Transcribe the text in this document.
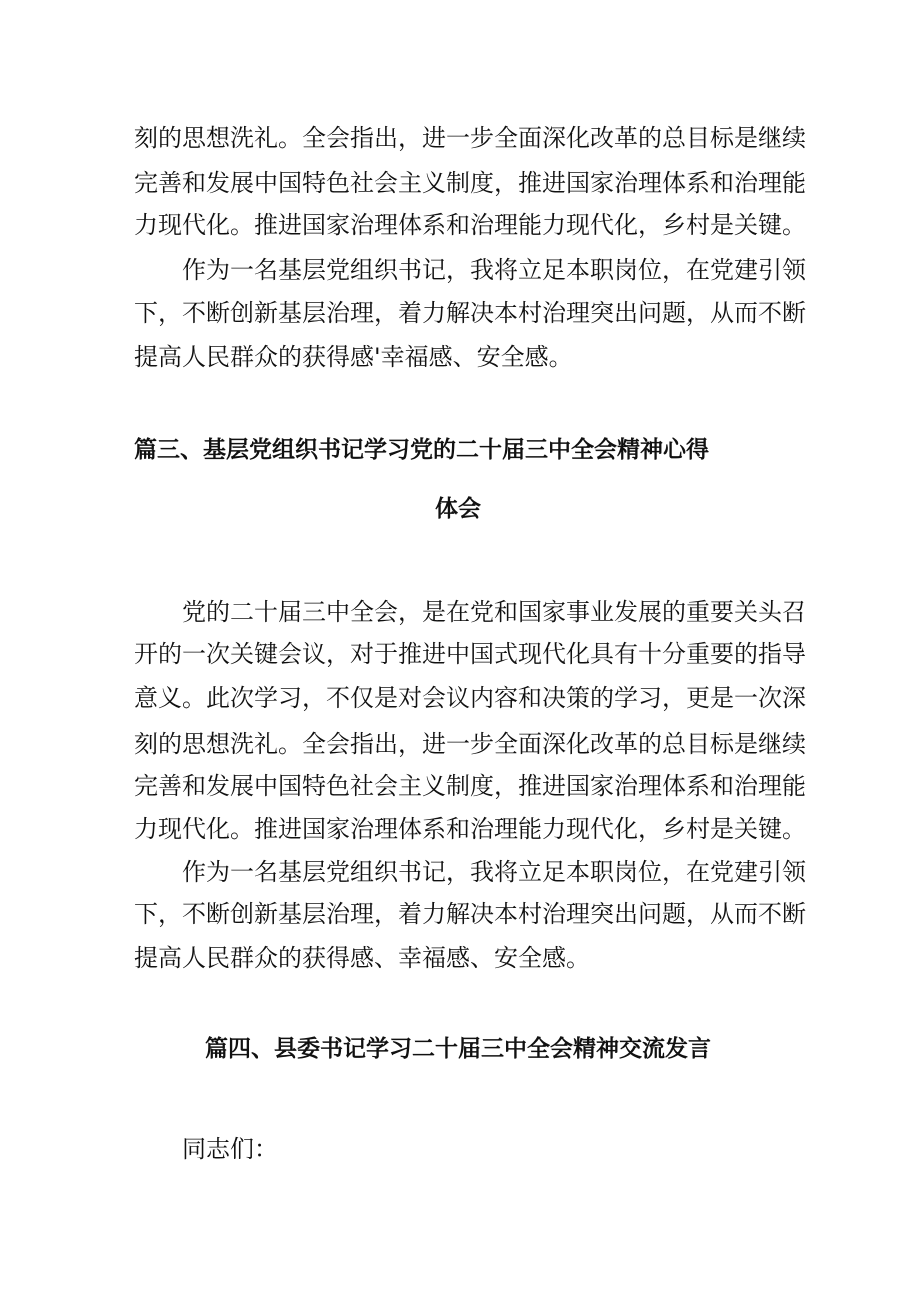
刻的思想洗礼。全会指出，进一步全面深化改革的总目标是继续

完善和发展中国特色社会主义制度，推进国家治理体系和治理能

力现代化。推进国家治理体系和治理能力现代化，乡村是关键。

作为一名基层党组织书记，我将立足本职岗位，在党建引领

下，不断创新基层治理，着力解决本村治理突出问题，从而不断

提高人民群众的获得感'幸福感、安全感。

篇三、基层党组织书记学习党的二十届三中全会精神心得
体会

党的二十届三中全会，是在党和国家事业发展的重要关头召

开的一次关键会议，对于推进中国式现代化具有十分重要的指导

意义。此次学习，不仅是对会议内容和决策的学习，更是一次深

刻的思想洗礼。全会指出，进一步全面深化改革的总目标是继续

完善和发展中国特色社会主义制度，推进国家治理体系和治理能

力现代化。推进国家治理体系和治理能力现代化，乡村是关键。

作为一名基层党组织书记，我将立足本职岗位，在党建引领

下，不断创新基层治理，着力解决本村治理突出问题，从而不断

提高人民群众的获得感、幸福感、安全感。

篇四、县委书记学习二十届三中全会精神交流发言

同志们：
